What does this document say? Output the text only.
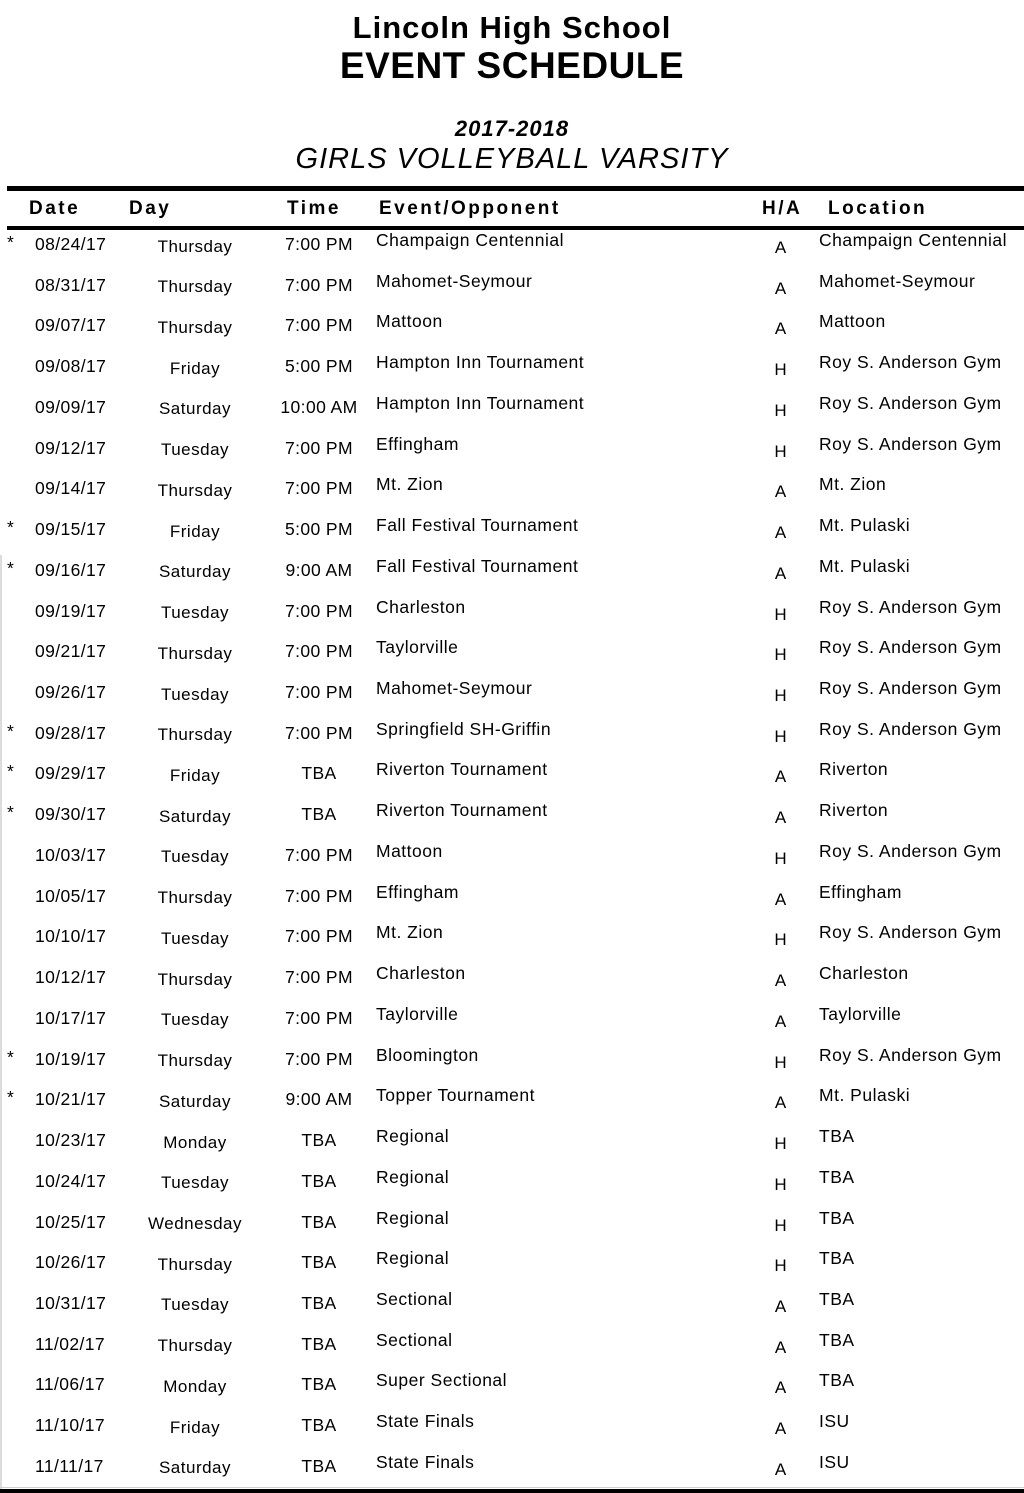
Lincoln High School
EVENT SCHEDULE
2017-2018
GIRLS VOLLEYBALL VARSITY
Date	Day	Time Event/Opponent	H/A Location
* 08/24/17	Thursday	7:00 PM	Champaign Centennial	A	Champaign Centennial
08/31/17	Thursday	7:00 PM	Mahomet-Seymour	A	Mahomet-Seymour
09/07/17	Thursday	7:00 PM	Mattoon	A	Mattoon
09/08/17	Friday	5:00 PM	Hampton Inn Tournament	H	Roy S. Anderson Gym
09/09/17	Saturday	10:00 AM	Hampton Inn Tournament	H	Roy S. Anderson Gym
09/12/17	Tuesday	7:00 PM	Effingham	H	Roy S. Anderson Gym
09/14/17	Thursday	7:00 PM	Mt. Zion	A	Mt. Zion
* 09/15/17	Friday	5:00 PM	Fall Festival Tournament	A	Mt. Pulaski
* 09/16/17	Saturday	9:00 AM	Fall Festival Tournament	A	Mt. Pulaski
09/19/17	Tuesday	7:00 PM	Charleston	H	Roy S. Anderson Gym
09/21/17	Thursday	7:00 PM	Taylorville	H	Roy S. Anderson Gym
09/26/17	Tuesday	7:00 PM	Mahomet-Seymour	H	Roy S. Anderson Gym
* 09/28/17	Thursday	7:00 PM	Springfield SH-Griffin	H	Roy S. Anderson Gym
* 09/29/17	Friday	TBA	Riverton Tournament	A	Riverton
* 09/30/17	Saturday	TBA	Riverton Tournament	A	Riverton
10/03/17	Tuesday	7:00 PM	Mattoon	H	Roy S. Anderson Gym
10/05/17	Thursday	7:00 PM	Effingham	A	Effingham
10/10/17	Tuesday	7:00 PM	Mt. Zion	H	Roy S. Anderson Gym
10/12/17	Thursday	7:00 PM	Charleston	A	Charleston
10/17/17	Tuesday	7:00 PM	Taylorville	A	Taylorville
* 10/19/17	Thursday	7:00 PM	Bloomington	H	Roy S. Anderson Gym
* 10/21/17	Saturday	9:00 AM	Topper Tournament	A	Mt. Pulaski
10/23/17	Monday	TBA	Regional	H	TBA
10/24/17	Tuesday	TBA	Regional	H	TBA
10/25/17	Wednesday	TBA	Regional	H	TBA
10/26/17	Thursday	TBA	Regional	H	TBA
10/31/17	Tuesday	TBA	Sectional	A	TBA
11/02/17	Thursday	TBA	Sectional	A	TBA
11/06/17	Monday	TBA	Super Sectional	A	TBA
11/10/17	Friday	TBA	State Finals	A	ISU
11/11/17	Saturday	TBA	State Finals	A	ISU
